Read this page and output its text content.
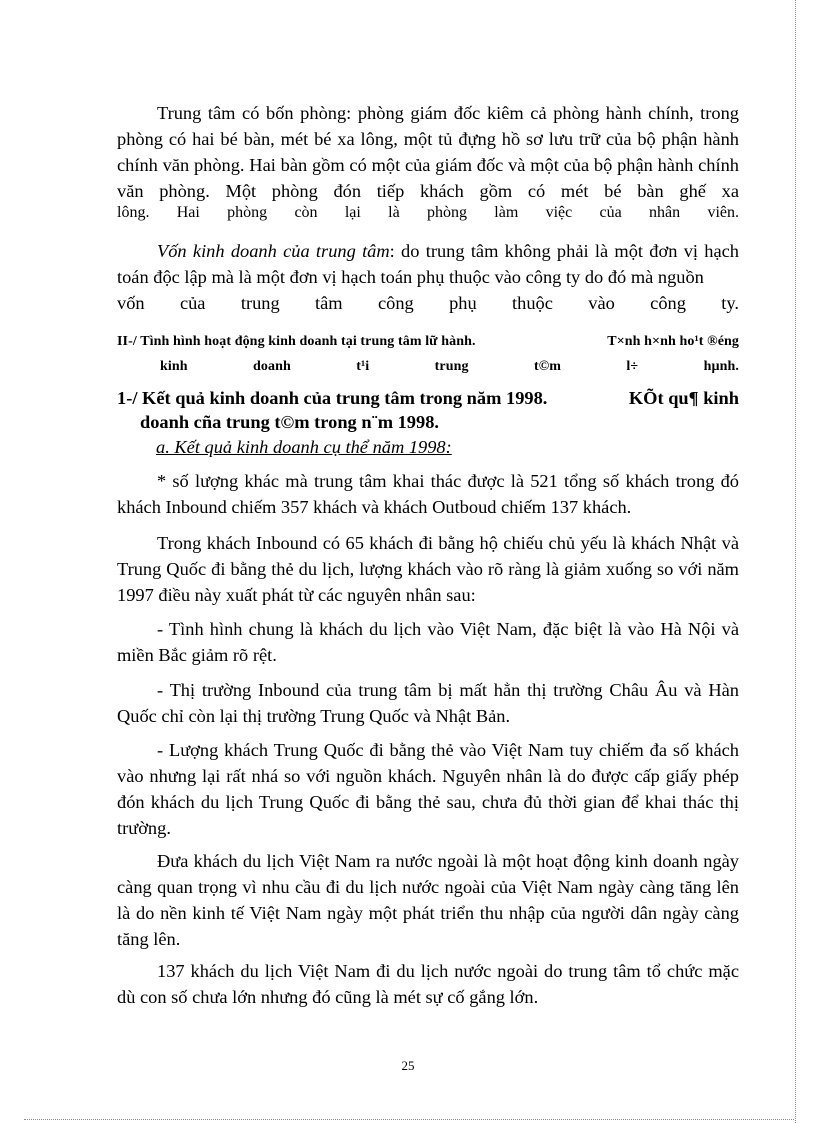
Trung tâm có bốn phòng: phòng giám đốc kiêm cả phòng hành chính, trong phòng có hai bé bàn, mét bé xa lông, một tủ đựng hồ sơ lưu trữ của bộ phận hành chính văn phòng. Hai bàn gồm có một của giám đốc và một của bộ phận hành chính văn phòng. Một phòng đón tiếp khách gồm có mét bé bàn ghế xa

lông. Hai phòng còn lại là phòng làm việc của nhân viên.

Vốn kinh doanh của trung tâm: do trung tâm không phải là một đơn vị hạch toán độc lập mà là một đơn vị hạch toán phụ thuộc vào công ty do đó mà nguồn

vốn của trung tâm công phụ thuộc vào công ty.
II-/ Tình hình hoạt động kinh doanh tại trung tâm lữ hành.	T×nh h×nh ho¹t ®éng
kinh	doanh	t¹i	trung	t©m	l÷	hµnh.
1-/ Kết quả kinh doanh của trung tâm trong năm 1998.	KÕt qu¶ kinh
doanh cña trung t©m trong n¨m 1998.
a. Kết quả kinh doanh cụ thể năm 1998:

* số lượng khác mà trung tâm khai thác được là 521 tổng số khách trong đó khách Inbound chiếm 357 khách và khách Outboud chiếm 137 khách.

Trong khách Inbound có 65 khách đi bằng hộ chiếu chủ yếu là khách Nhật và Trung Quốc đi bằng thẻ du lịch, lượng khách vào rõ ràng là giảm xuống so với năm 1997 điều này xuất phát từ các nguyên nhân sau:

- Tình hình chung là khách du lịch vào Việt Nam, đặc biệt là vào Hà Nội và miền Bắc giảm rõ rệt.

- Thị trường Inbound của trung tâm bị mất hẳn thị trường Châu Âu và Hàn Quốc chỉ còn lại thị trường Trung Quốc và Nhật Bản.

- Lượng khách Trung Quốc đi bằng thẻ vào Việt Nam tuy chiếm đa số khách vào nhưng lại rất nhá so với nguồn khách. Nguyên nhân là do được cấp giấy phép đón khách du lịch Trung Quốc đi bằng thẻ sau, chưa đủ thời gian để khai thác thị trường.

Đưa khách du lịch Việt Nam ra nước ngoài là một hoạt động kinh doanh ngày càng quan trọng vì nhu cầu đi du lịch nước ngoài của Việt Nam ngày càng tăng lên là do nền kinh tế Việt Nam ngày một phát triển thu nhập của người dân ngày càng tăng lên.

137 khách du lịch Việt Nam đi du lịch nước ngoài do trung tâm tổ chức mặc dù con số chưa lớn nhưng đó cũng là mét sự cố gắng lớn.

25
